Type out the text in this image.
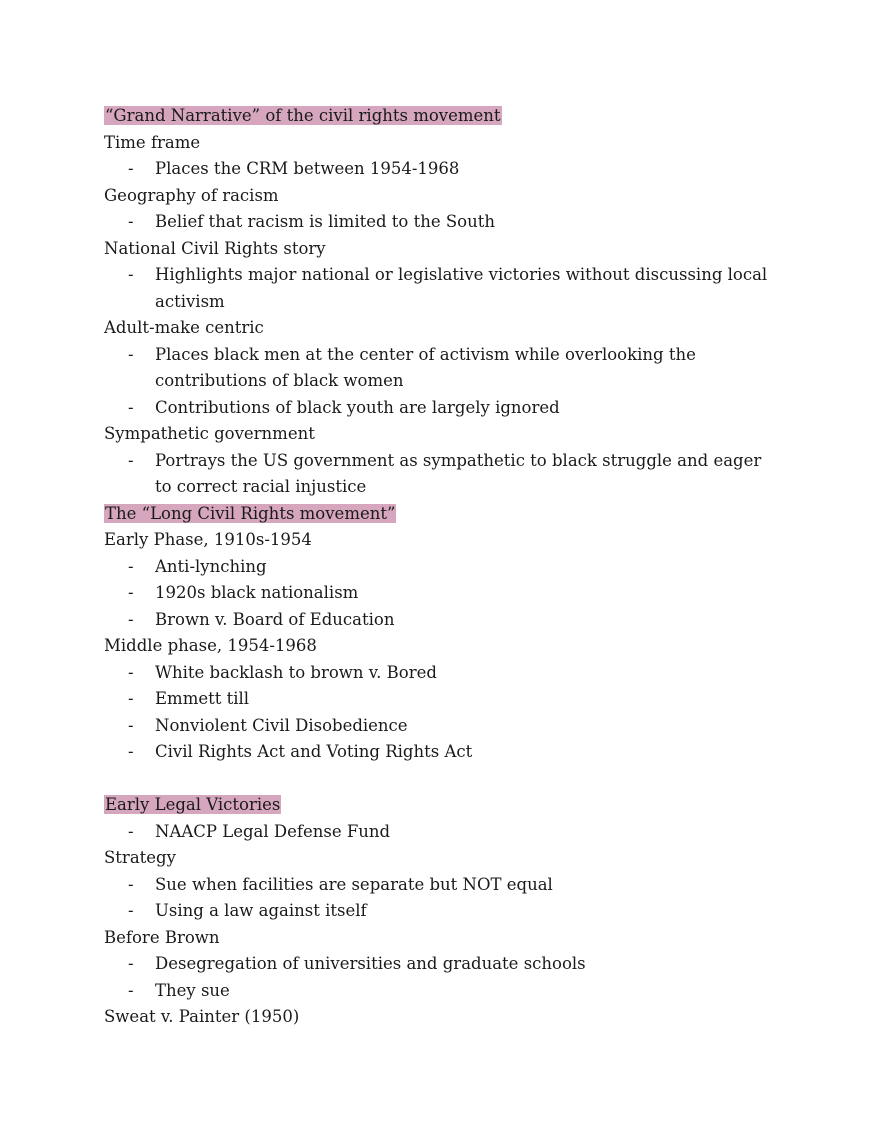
“Grand Narrative” of the civil rights movement
Time frame
-	Places the CRM between 1954-1968
Geography of racism
-	Belief that racism is limited to the South
National Civil Rights story
-	Highlights major national or legislative victories without discussing local activism
Adult-make centric
-	Places black men at the center of activism while overlooking the contributions of black women
-	Contributions of black youth are largely ignored
Sympathetic government
-	Portrays the US government as sympathetic to black struggle and eager to correct racial injustice
The “Long Civil Rights movement”
Early Phase, 1910s-1954
-	Anti-lynching
-	1920s black nationalism
-	Brown v. Board of Education
Middle phase, 1954-1968
-	White backlash to brown v. Bored
-	Emmett till
-	Nonviolent Civil Disobedience
-	Civil Rights Act and Voting Rights Act
Early Legal Victories
-	NAACP Legal Defense Fund
Strategy
-	Sue when facilities are separate but NOT equal
-	Using a law against itself
Before Brown
-	Desegregation of universities and graduate schools
-	They sue
Sweat v. Painter (1950)
